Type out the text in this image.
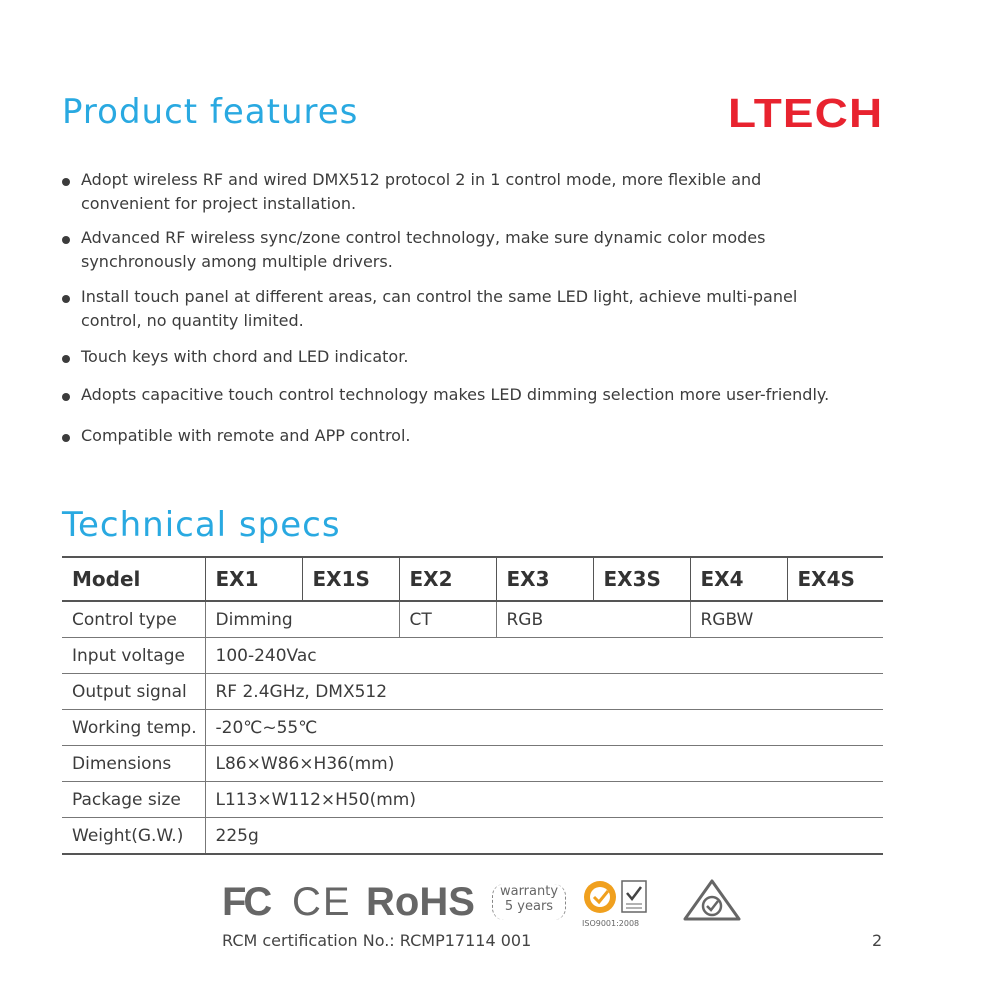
Product features	LTECH
Adopt wireless RF and wired DMX512 protocol 2 in 1 control mode, more flexible and
convenient for project installation.
Advanced RF wireless sync/zone control technology, make sure dynamic color modes
synchronously among multiple drivers.
Install touch panel at different areas, can control the same LED light, achieve multi-panel
control, no quantity limited.
Touch keys with chord and LED indicator.
Adopts capacitive touch control technology makes LED dimming selection more user-friendly.
Compatible with remote and APP control.
Technical specs
Model	EX1	EX1S	EX2	EX3	EX3S	EX4	EX4S
Control type	Dimming		CT	RGB		RGBW	
Input voltage	100-240Vac						
Output signal	RF 2.4GHz, DMX512						
Working temp.	-20℃~55℃						
Dimensions	L86×W86×H36(mm)						
Package size	L113×W112×H50(mm)						
Weight(G.W.)	225g						
FC CE RoHS	warranty
5 years
ISO9001:2008
RCM certification No.: RCMP17114 001	2
